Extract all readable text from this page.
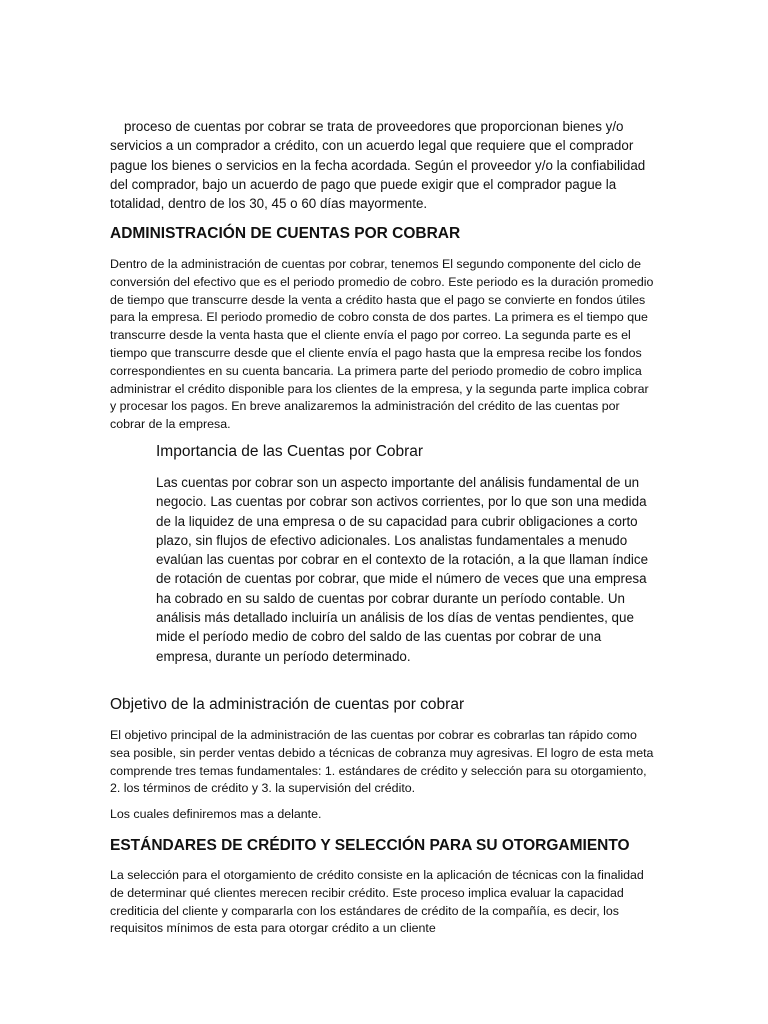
proceso de cuentas por cobrar se trata de proveedores que proporcionan bienes y/o servicios a un comprador a crédito, con un acuerdo legal que requiere que el comprador pague los bienes o servicios en la fecha acordada. Según el proveedor y/o la confiabilidad del comprador, bajo un acuerdo de pago que puede exigir que el comprador pague la totalidad, dentro de los 30, 45 o 60 días mayormente.

ADMINISTRACIÓN DE CUENTAS POR COBRAR

Dentro de la administración de cuentas por cobrar, tenemos El segundo componente del ciclo de conversión del efectivo que es el periodo promedio de cobro. Este periodo es la duración promedio de tiempo que transcurre desde la venta a crédito hasta que el pago se convierte en fondos útiles para la empresa. El periodo promedio de cobro consta de dos partes. La primera es el tiempo que transcurre desde la venta hasta que el cliente envía el pago por correo. La segunda parte es el tiempo que transcurre desde que el cliente envía el pago hasta que la empresa recibe los fondos correspondientes en su cuenta bancaria. La primera parte del periodo promedio de cobro implica administrar el crédito disponible para los clientes de la empresa, y la segunda parte implica cobrar y procesar los pagos. En breve analizaremos la administración del crédito de las cuentas por cobrar de la empresa.

Importancia de las Cuentas por Cobrar

Las cuentas por cobrar son un aspecto importante del análisis fundamental de un negocio. Las cuentas por cobrar son activos corrientes, por lo que son una medida de la liquidez de una empresa o de su capacidad para cubrir obligaciones a corto plazo, sin flujos de efectivo adicionales. Los analistas fundamentales a menudo evalúan las cuentas por cobrar en el contexto de la rotación, a la que llaman índice de rotación de cuentas por cobrar, que mide el número de veces que una empresa ha cobrado en su saldo de cuentas por cobrar durante un período contable. Un análisis más detallado incluiría un análisis de los días de ventas pendientes, que mide el período medio de cobro del saldo de las cuentas por cobrar de una empresa, durante un período determinado.

Objetivo de la administración de cuentas por cobrar

El objetivo principal de la administración de las cuentas por cobrar es cobrarlas tan rápido como sea posible, sin perder ventas debido a técnicas de cobranza muy agresivas. El logro de esta meta comprende tres temas fundamentales: 1. estándares de crédito y selección para su otorgamiento, 2. los términos de crédito y 3. la supervisión del crédito.

Los cuales definiremos mas a delante.

ESTÁNDARES DE CRÉDITO Y SELECCIÓN PARA SU OTORGAMIENTO

La selección para el otorgamiento de crédito consiste en la aplicación de técnicas con la finalidad de determinar qué clientes merecen recibir crédito. Este proceso implica evaluar la capacidad crediticia del cliente y compararla con los estándares de crédito de la compañía, es decir, los requisitos mínimos de esta para otorgar crédito a un cliente
